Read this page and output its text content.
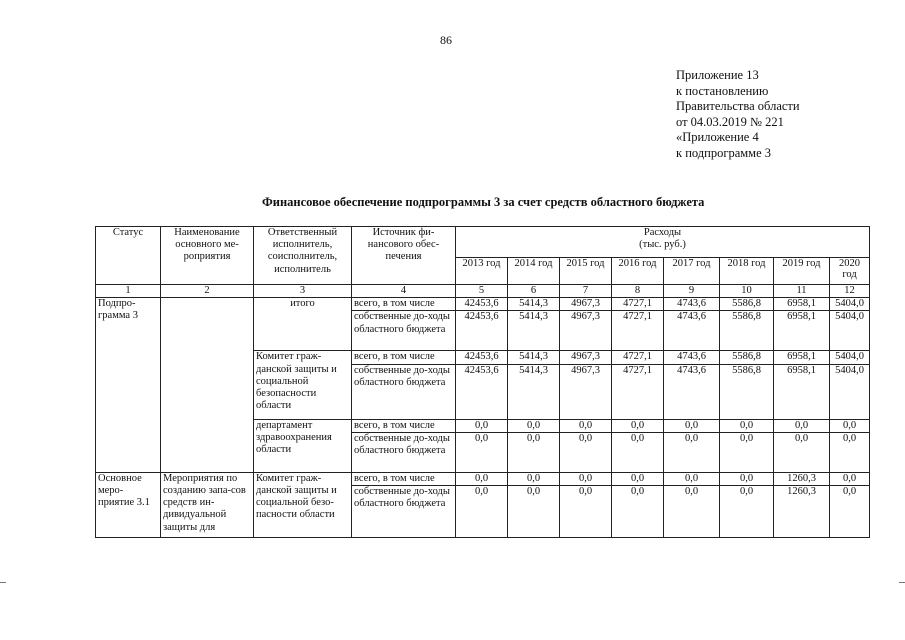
86
Приложение 13
к постановлению
Правительства области
от 04.03.2019 № 221
«Приложение 4
к подпрограмме 3
Финансовое обеспечение подпрограммы 3 за счет средств областного бюджета
Статус	Наименование основного ме-роприятия	Ответственный исполнитель, соисполнитель, исполнитель	Источник фи-нансового обес-печения	Расходы
(тыс. руб.)							

				2013 год	2014 год	2015 год	2016 год	2017 год	2018 год	2019 год	2020 год
1	2	3	4	5	6	7	8	9	10	11	12
Подпро-грамма 3		итого	всего, в том числе	42453,6	5414,3	4967,3	4727,1	4743,6	5586,8	6958,1	5404,0
			собственные до-ходы областного бюджета	42453,6	5414,3	4967,3	4727,1	4743,6	5586,8	6958,1	5404,0
		Комитет граж-данской защиты и социальной безопасности области	всего, в том числе	42453,6	5414,3	4967,3	4727,1	4743,6	5586,8	6958,1	5404,0
			собственные до-ходы областного бюджета	42453,6	5414,3	4967,3	4727,1	4743,6	5586,8	6958,1	5404,0
		департамент здравоохранения области	всего, в том числе	0,0	0,0	0,0	0,0	0,0	0,0	0,0	0,0
			собственные до-ходы областного бюджета	0,0	0,0	0,0	0,0	0,0	0,0	0,0	0,0
Основное меро-приятие 3.1	Мероприятия по созданию запа-сов средств ин-дивидуальной защиты для	Комитет граж-данской защиты и социальной безо-пасности области	всего, в том числе	0,0	0,0	0,0	0,0	0,0	0,0	1260,3	0,0
			собственные до-ходы областного бюджета	0,0	0,0	0,0	0,0	0,0	0,0	1260,3	0,0
